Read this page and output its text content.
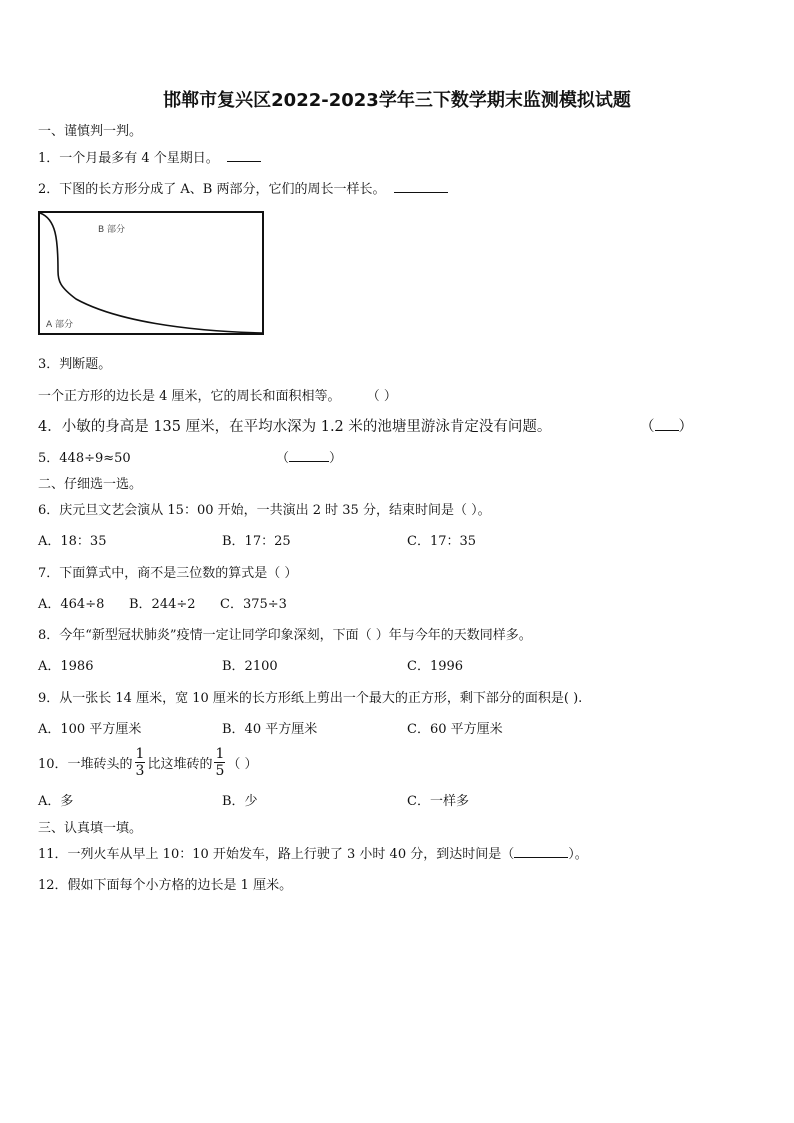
邯郸市复兴区2022-2023学年三下数学期末监测模拟试题
一、谨慎判一判。
1．一个月最多有 4 个星期日。
2．下图的长方形分成了 A、B 两部分，它们的周长一样长。
B 部分
A 部分
3．判断题。
一个正方形的边长是 4 厘米，它的周长和面积相等。 （ ）
4．小敏的身高是 135 厘米，在平均水深为 1.2 米的池塘里游泳肯定没有问题。	（ ）
5．448÷9≈50	（	）
二、仔细选一选。
6．庆元旦文艺会演从 15：00 开始，一共演出 2 时 35 分，结束时间是（ ）。
A．18：35	B．17：25	C．17：35
7．下面算式中，商不是三位数的算式是（ ）
A．464÷8 B．244÷2 C．375÷3
8．今年“新型冠状肺炎”疫情一定让同学印象深刻，下面（ ）年与今年的天数同样多。
A．1986	B．2100	C．1996
9．从一张长 14 厘米，宽 10 厘米的长方形纸上剪出一个最大的正方形，剩下部分的面积是( ).
A．100 平方厘米	B．40 平方厘米	C．60 平方厘米
10．一堆砖头的 $\frac{1}{3}$ 比这堆砖的 $\frac{1}{5}$ （ ）
A．多	B．少	C．一样多
三、认真填一填。
11．一列火车从早上 10：10 开始发车，路上行驶了 3 小时 40 分，到达时间是（	）。
12．假如下面每个小方格的边长是 1 厘米。
